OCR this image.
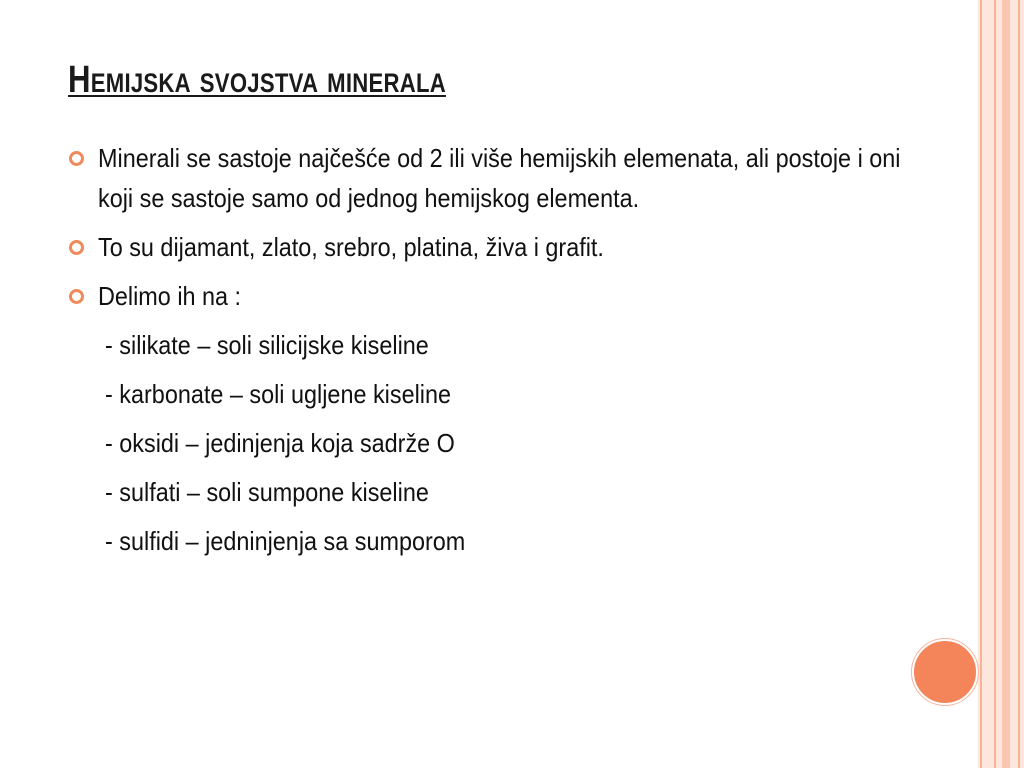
Hemijska svojstva minerala
Minerali se sastoje najčešće od 2 ili više hemijskih elemenata, ali postoje i oni koji se sastoje samo od jednog hemijskog elementa.
To su dijamant, zlato, srebro, platina, živa i grafit.
Delimo ih na :
- silikate – soli silicijske kiseline
- karbonate – soli ugljene kiseline
- oksidi – jedinjenja koja sadrže O
- sulfati – soli sumpone kiseline
- sulfidi – jedninjenja sa sumporom
